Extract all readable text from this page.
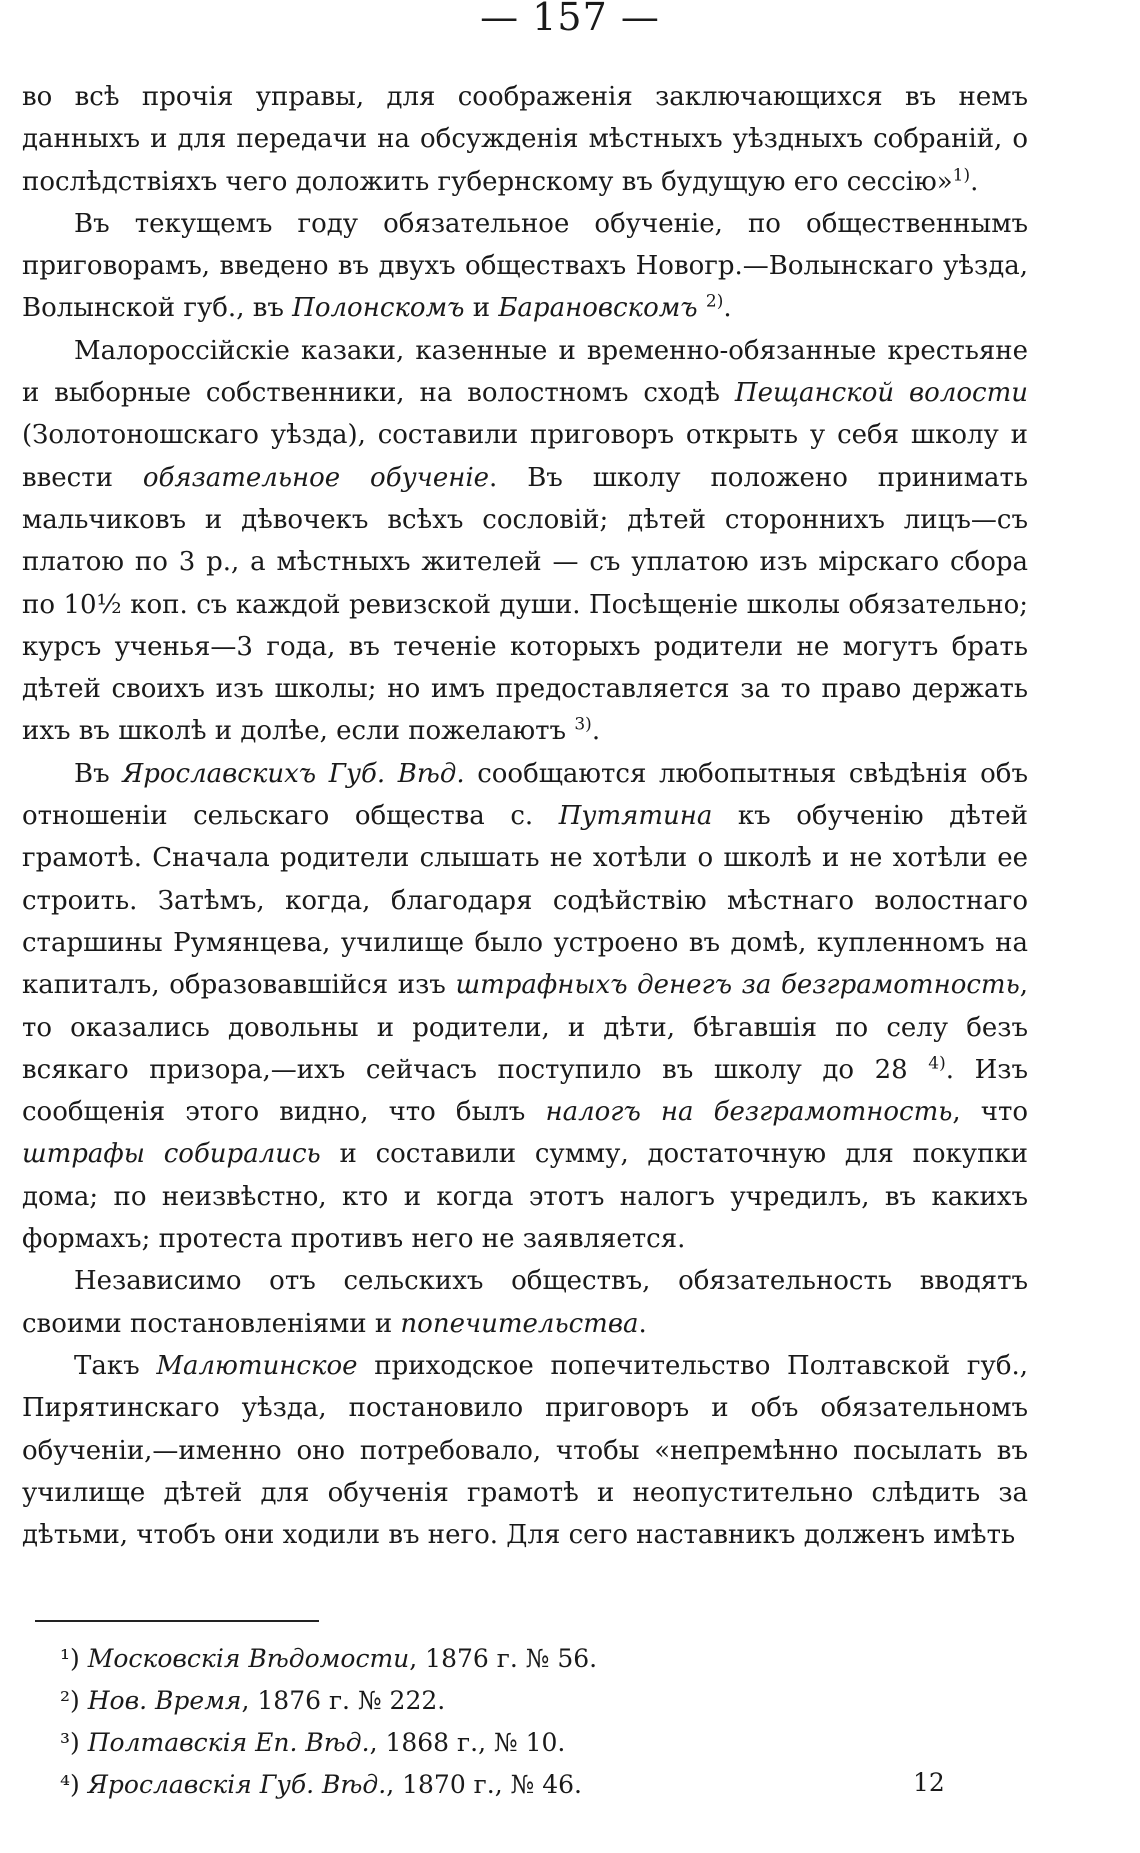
— 157 —

во всѣ прочія управы, для соображенія заключающихся въ немъ данныхъ и для передачи на обсужденія мѣстныхъ уѣздныхъ собраній, о послѣдствіяхъ чего доложить губернскому въ будущую его сессію»$^{1)}$.

Въ текущемъ году обязательное обученіе, по общественнымъ приговорамъ, введено въ двухъ обществахъ Новогр.—Волынскаго уѣзда, Волынской губ., въ Полонскомъ и Барановскомъ $^{2)}$.

Малороссійскіе казаки, казенные и временно-обязанные крестьяне и выборные собственники, на волостномъ сходѣ Пещанской волости (Золотоношскаго уѣзда), составили приговоръ открыть у себя школу и ввести обязательное обученіе. Въ школу положено принимать мальчиковъ и дѣвочекъ всѣхъ сословій; дѣтей стороннихъ лицъ—съ платою по 3 р., а мѣстныхъ жителей — съ уплатою изъ мірскаго сбора по 10½ коп. съ каждой ревизской души. Посѣщеніе школы обязательно; курсъ ученья—3 года, въ теченіе которыхъ родители не могутъ брать дѣтей своихъ изъ школы; но имъ предоставляется за то право держать ихъ въ школѣ и долѣе, если пожелаютъ $^{3)}$.

Въ Ярославскихъ Губ. Вѣд. сообщаются любопытныя свѣдѣнія объ отношеніи сельскаго общества с. Путятина къ обученію дѣтей грамотѣ. Сначала родители слышать не хотѣли о школѣ и не хотѣли ее строить. Затѣмъ, когда, благодаря содѣйствію мѣстнаго волостнаго старшины Румянцева, училище было устроено въ домѣ, купленномъ на капиталъ, образовавшійся изъ штрафныхъ денегъ за безграмотность, то оказались довольны и родители, и дѣти, бѣгавшія по селу безъ всякаго призора,—ихъ сейчасъ поступило въ школу до 28 $^{4)}$. Изъ сообщенія этого видно, что былъ налогъ на безграмотность, что штрафы собирались и составили сумму, достаточную для покупки дома; по неизвѣстно, кто и когда этотъ налогъ учредилъ, въ какихъ формахъ; протеста противъ него не заявляется.

Независимо отъ сельскихъ обществъ, обязательность вводятъ своими постановленіями и попечительства.

Такъ Малютинское приходское попечительство Полтавской губ., Пирятинскаго уѣзда, постановило приговоръ и объ обязательномъ обученіи,—именно оно потребовало, чтобы «непремѣнно посылать въ училище дѣтей для обученія грамотѣ и неопустительно слѣдить за дѣтьми, чтобъ они ходили въ него. Для сего наставникъ долженъ имѣть

¹) Московскія Вѣдомости, 1876 г. № 56.
²) Нов. Время, 1876 г. № 222.
³) Полтавскія Еп. Вѣд., 1868 г., № 10.
⁴) Ярославскія Губ. Вѣд., 1870 г., № 46.	12
